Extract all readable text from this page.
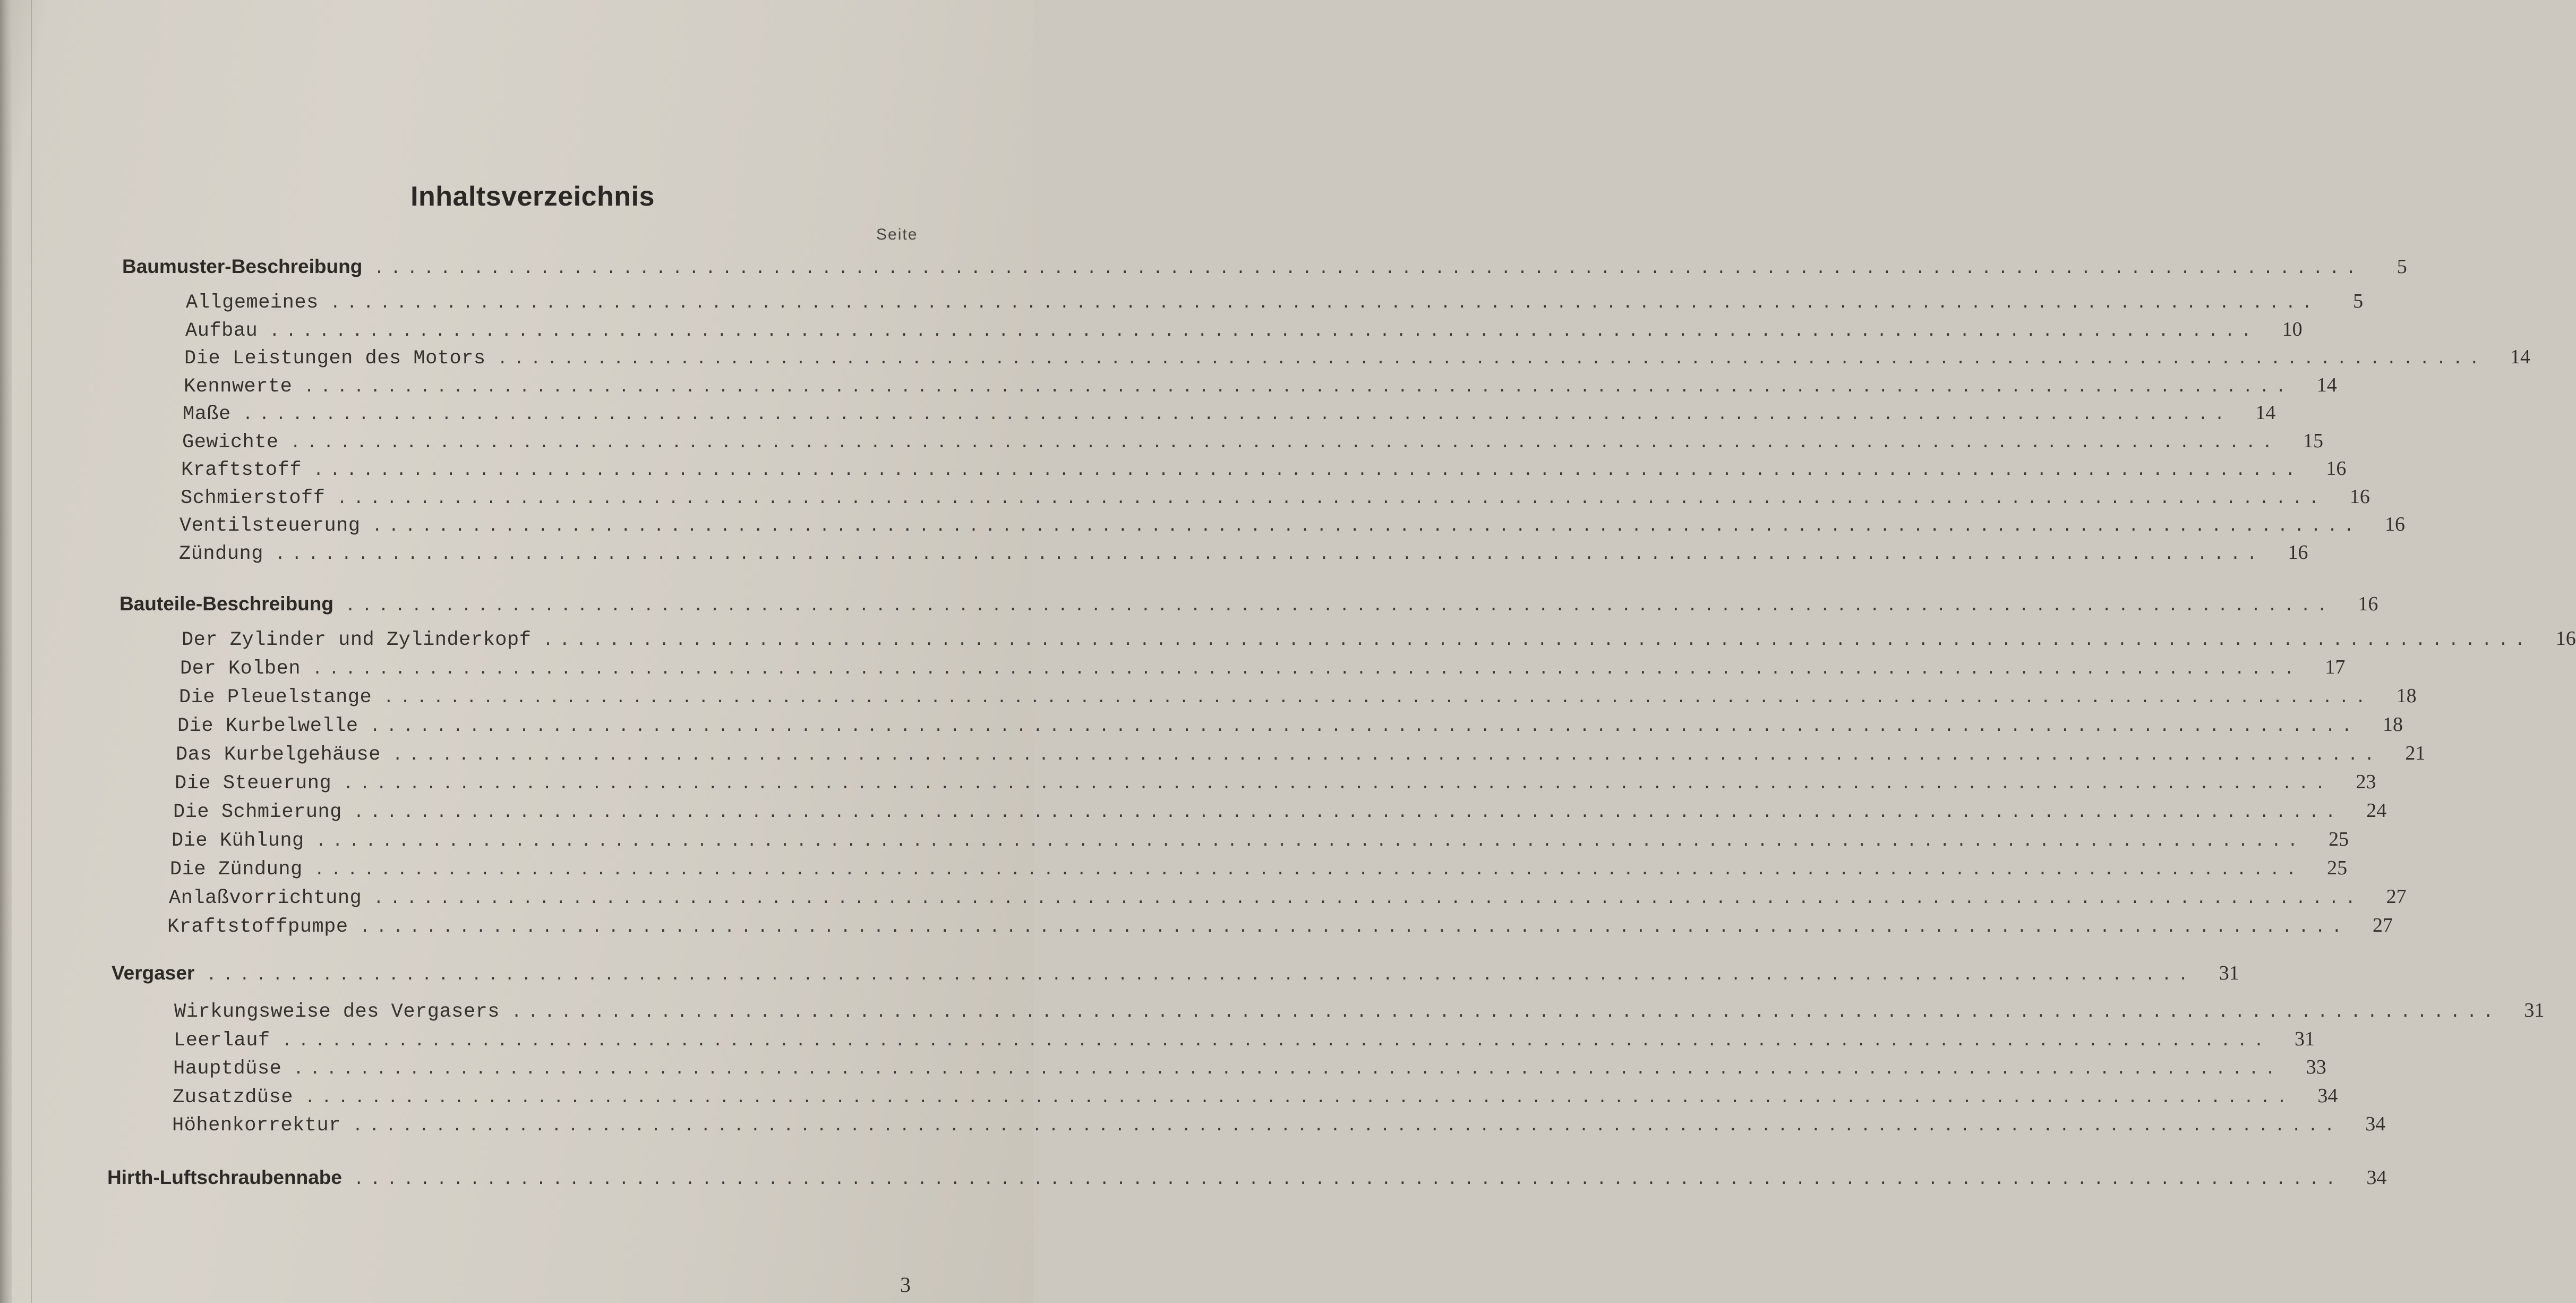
Inhaltsverzeichnis
Seite
Baumuster-Beschreibung ........................................................................................................................	5
Allgemeines ........................................................................................................................	5
Aufbau ........................................................................................................................	10
Die Leistungen des Motors ........................................................................................................................	14
Kennwerte ........................................................................................................................	14
Maße ........................................................................................................................	14
Gewichte ........................................................................................................................	15
Kraftstoff ........................................................................................................................	16
Schmierstoff ........................................................................................................................	16
Ventilsteuerung ........................................................................................................................	16
Zündung ........................................................................................................................	16
Bauteile-Beschreibung ........................................................................................................................	16
Der Zylinder und Zylinderkopf ........................................................................................................................	16
Der Kolben ........................................................................................................................	17
Die Pleuelstange ........................................................................................................................	18
Die Kurbelwelle ........................................................................................................................	18
Das Kurbelgehäuse ........................................................................................................................	21
Die Steuerung ........................................................................................................................	23
Die Schmierung ........................................................................................................................	24
Die Kühlung ........................................................................................................................	25
Die Zündung ........................................................................................................................	25
Anlaßvorrichtung ........................................................................................................................	27
Kraftstoffpumpe ........................................................................................................................	27
Vergaser ........................................................................................................................	31
Wirkungsweise des Vergasers ........................................................................................................................	31
Leerlauf ........................................................................................................................	31
Hauptdüse ........................................................................................................................	33
Zusatzdüse ........................................................................................................................	34
Höhenkorrektur ........................................................................................................................	34
Hirth-Luftschraubennabe ........................................................................................................................	34
3
